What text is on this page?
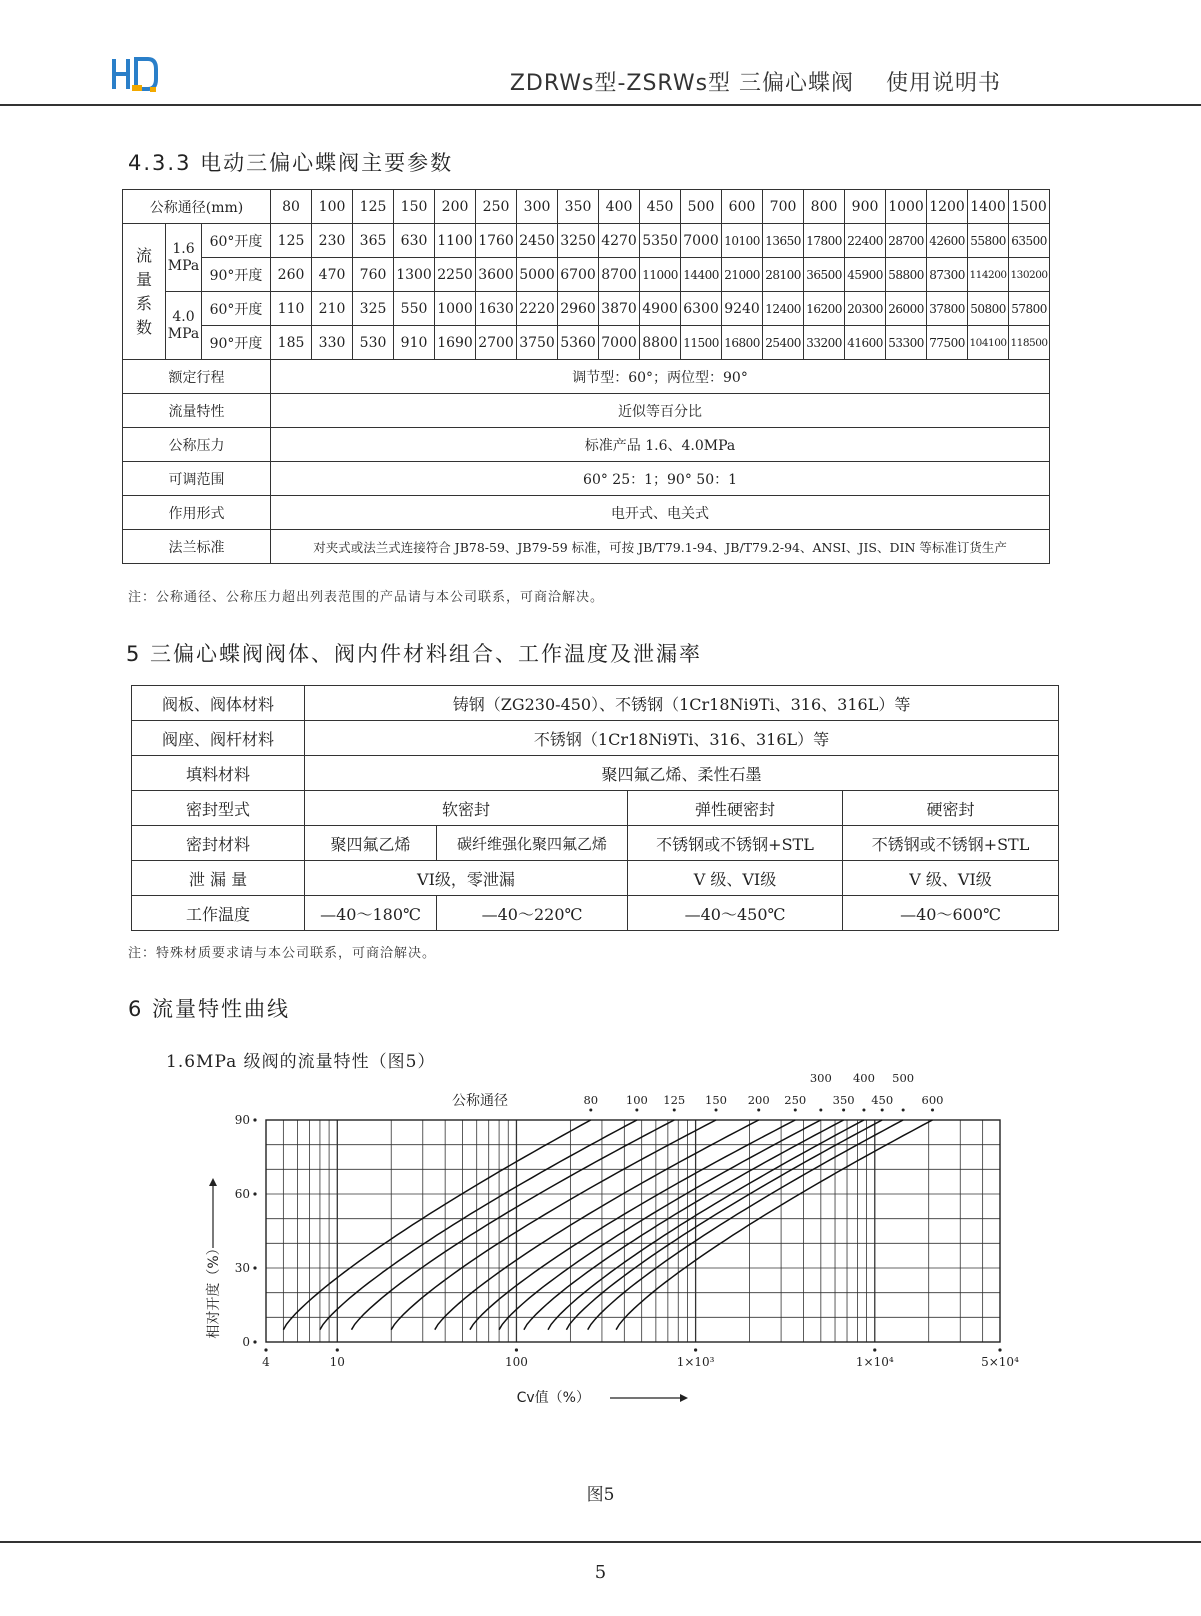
ZDRWs型-ZSRWs型 三偏心蝶阀    使用说明书
4.3.3 电动三偏心蝶阀主要参数
公称通径(mm)			80	100	125	150	200	250	300	350	400	450	500	600	700	800	900	1000	1200	1400	1500
流量系数	1.6 MPa	60°开度	125	230	365	630	1100	1760	2450	3250	4270	5350	7000	10100	13650	17800	22400	28700	42600	55800	63500
		90°开度	260	470	760	1300	2250	3600	5000	6700	8700	11000	14400	21000	28100	36500	45900	58800	87300	114200	130200
	4.0 MPa	60°开度	110	210	325	550	1000	1630	2220	2960	3870	4900	6300	9240	12400	16200	20300	26000	37800	50800	57800
		90°开度	185	330	530	910	1690	2700	3750	5360	7000	8800	11500	16800	25400	33200	41600	53300	77500	104100	118500
额定行程			调节型：60°；两位型：90°																		
流量特性			近似等百分比																		
公称压力			标准产品 1.6、4.0MPa																		
可调范围			60° 25：1；90° 50：1																		
作用形式			电开式、电关式																		
法兰标准			对夹式或法兰式连接符合 JB78-59、JB79-59 标准，可按 JB/T79.1-94、JB/T79.2-94、ANSI、JIS、DIN 等标准订货生产																		
注：公称通径、公称压力超出列表范围的产品请与本公司联系，可商洽解决。
5 三偏心蝶阀阀体、阀内件材料组合、工作温度及泄漏率
阀板、阀体材料	铸钢（ZG230-450）、不锈钢（1Cr18Ni9Ti、316、316L）等			
阀座、阀杆材料	不锈钢（1Cr18Ni9Ti、316、316L）等			
填料材料	聚四氟乙烯、柔性石墨			
密封型式	软密封		弹性硬密封	硬密封
密封材料	聚四氟乙烯	碳纤维强化聚四氟乙烯	不锈钢或不锈钢+STL	不锈钢或不锈钢+STL
泄 漏 量	VI级，零泄漏		V 级、VI级	V 级、VI级
工作温度	—40～180℃	—40～220℃	—40～450℃	—40～600℃
注：特殊材质要求请与本公司联系，可商洽解决。
6 流量特性曲线
1.6MPa 级阀的流量特性（图5）
0
30
60
90
4	10	100	1×10³	1×10⁴	5×10⁴
80 100 125 150 200 250
300
350
400
450
500
600
公称通径
Cv值（%）
相对开度（%）
图5
5
